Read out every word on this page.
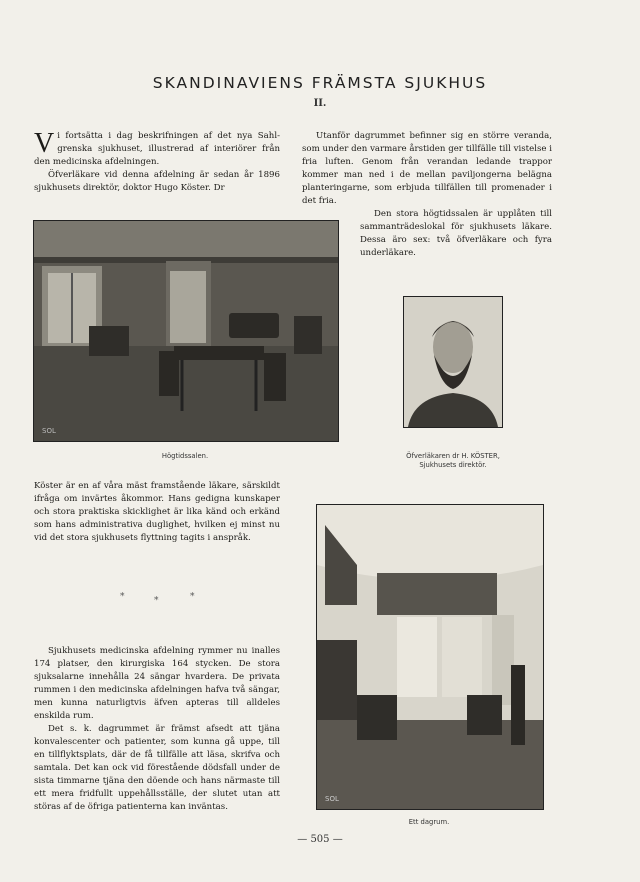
SKANDINAVIENS FRÄMSTA SJUKHUS
II.
V i fortsätta i dag beskrifningen af det nya Sahl-grenska sjukhuset, illustrerad af interiörer från den medicinska afdelningen.

Öfverläkare vid denna afdelning är sedan år 1896 sjukhusets direktör, doktor Hugo Köster. Dr

Utanför dagrummet befinner sig en större veranda, som under den varmare årstiden ger tillfälle till vistelse i fria luften. Genom från verandan ledande trappor kommer man ned i de mellan paviljongerna belägna planteringarne, som erbjuda tillfällen till promenader i det fria.

Den stora högtidssalen är upplåten till sammanträdeslokal för sjukhusets läkare. Dessa äro sex: två öfverläkare och fyra underläkare.

SOL
Högtidssalen.	Öfverläkaren dr H. KÖSTER,
Sjukhusets direktör.

Köster är en af våra mäst framstående läkare, särskildt ifråga om invärtes åkommor. Hans gedigna kunskaper och stora praktiska skicklighet är lika känd och erkänd som hans administrativa duglighet, hvilken ej minst nu vid det stora sjukhusets flyttning tagits i anspråk.

*	*	*
SOL
Ett dagrum.

Sjukhusets medicinska afdelning rymmer nu inalles 174 platser, den kirurgiska 164 stycken. De stora sjuksalarne innehålla 24 sängar hvardera. De privata rummen i den medicinska afdelningen hafva två sängar, men kunna naturligtvis äfven apteras till alldeles enskilda rum.

Det s. k. dagrummet är främst afsedt att tjäna konvalescenter och patienter, som kunna gå uppe, till en tillflyktsplats, där de få tillfälle att läsa, skrifva och samtala. Det kan ock vid förestående dödsfall under de sista timmarne tjäna den döende och hans närmaste till ett mera fridfullt uppehållsställe, der slutet utan att störas af de öfriga patienterna kan inväntas.

— 505 —
